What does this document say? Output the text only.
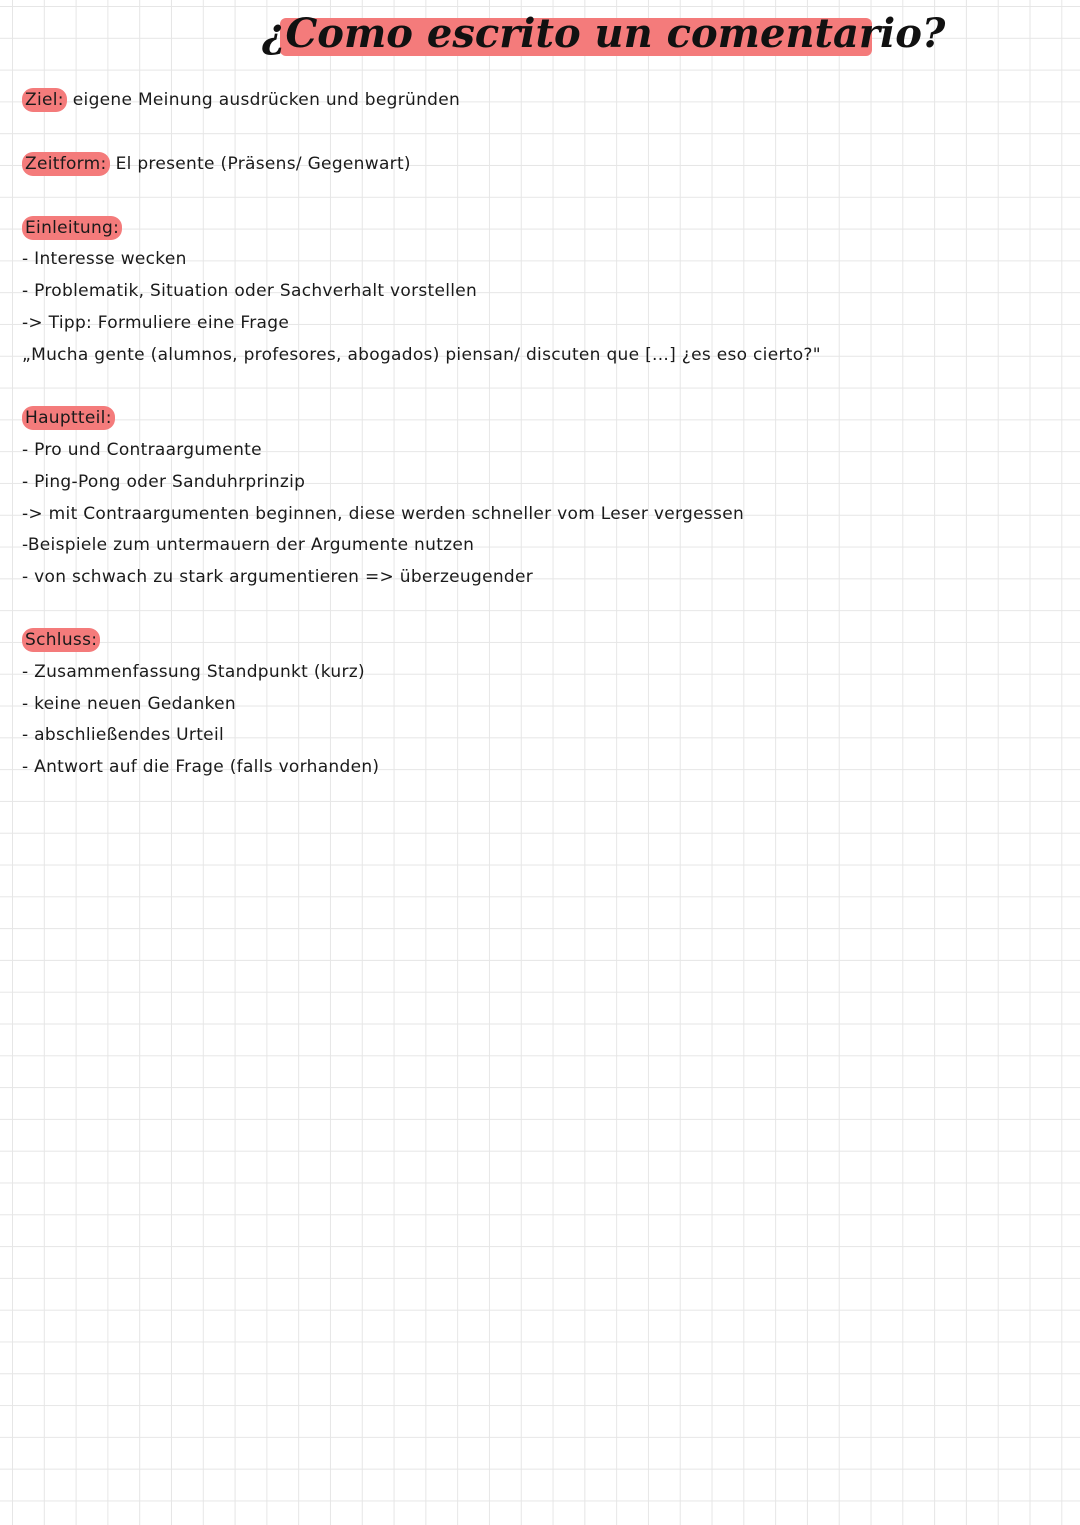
¿Como escrito un comentario?
Ziel: eigene Meinung ausdrücken und begründen
Zeitform: El presente (Präsens/ Gegenwart)
Einleitung:
- Interesse wecken
- Problematik, Situation oder Sachverhalt vorstellen
-> Tipp: Formuliere eine Frage
„Mucha gente (alumnos, profesores, abogados) piensan/ discuten que [...] ¿es eso cierto?"
Hauptteil:
- Pro und Contraargumente
- Ping-Pong oder Sanduhrprinzip
-> mit Contraargumenten beginnen, diese werden schneller vom Leser vergessen
-Beispiele zum untermauern der Argumente nutzen
- von schwach zu stark argumentieren => überzeugender
Schluss:
- Zusammenfassung Standpunkt (kurz)
- keine neuen Gedanken
- abschließendes Urteil
- Antwort auf die Frage (falls vorhanden)
